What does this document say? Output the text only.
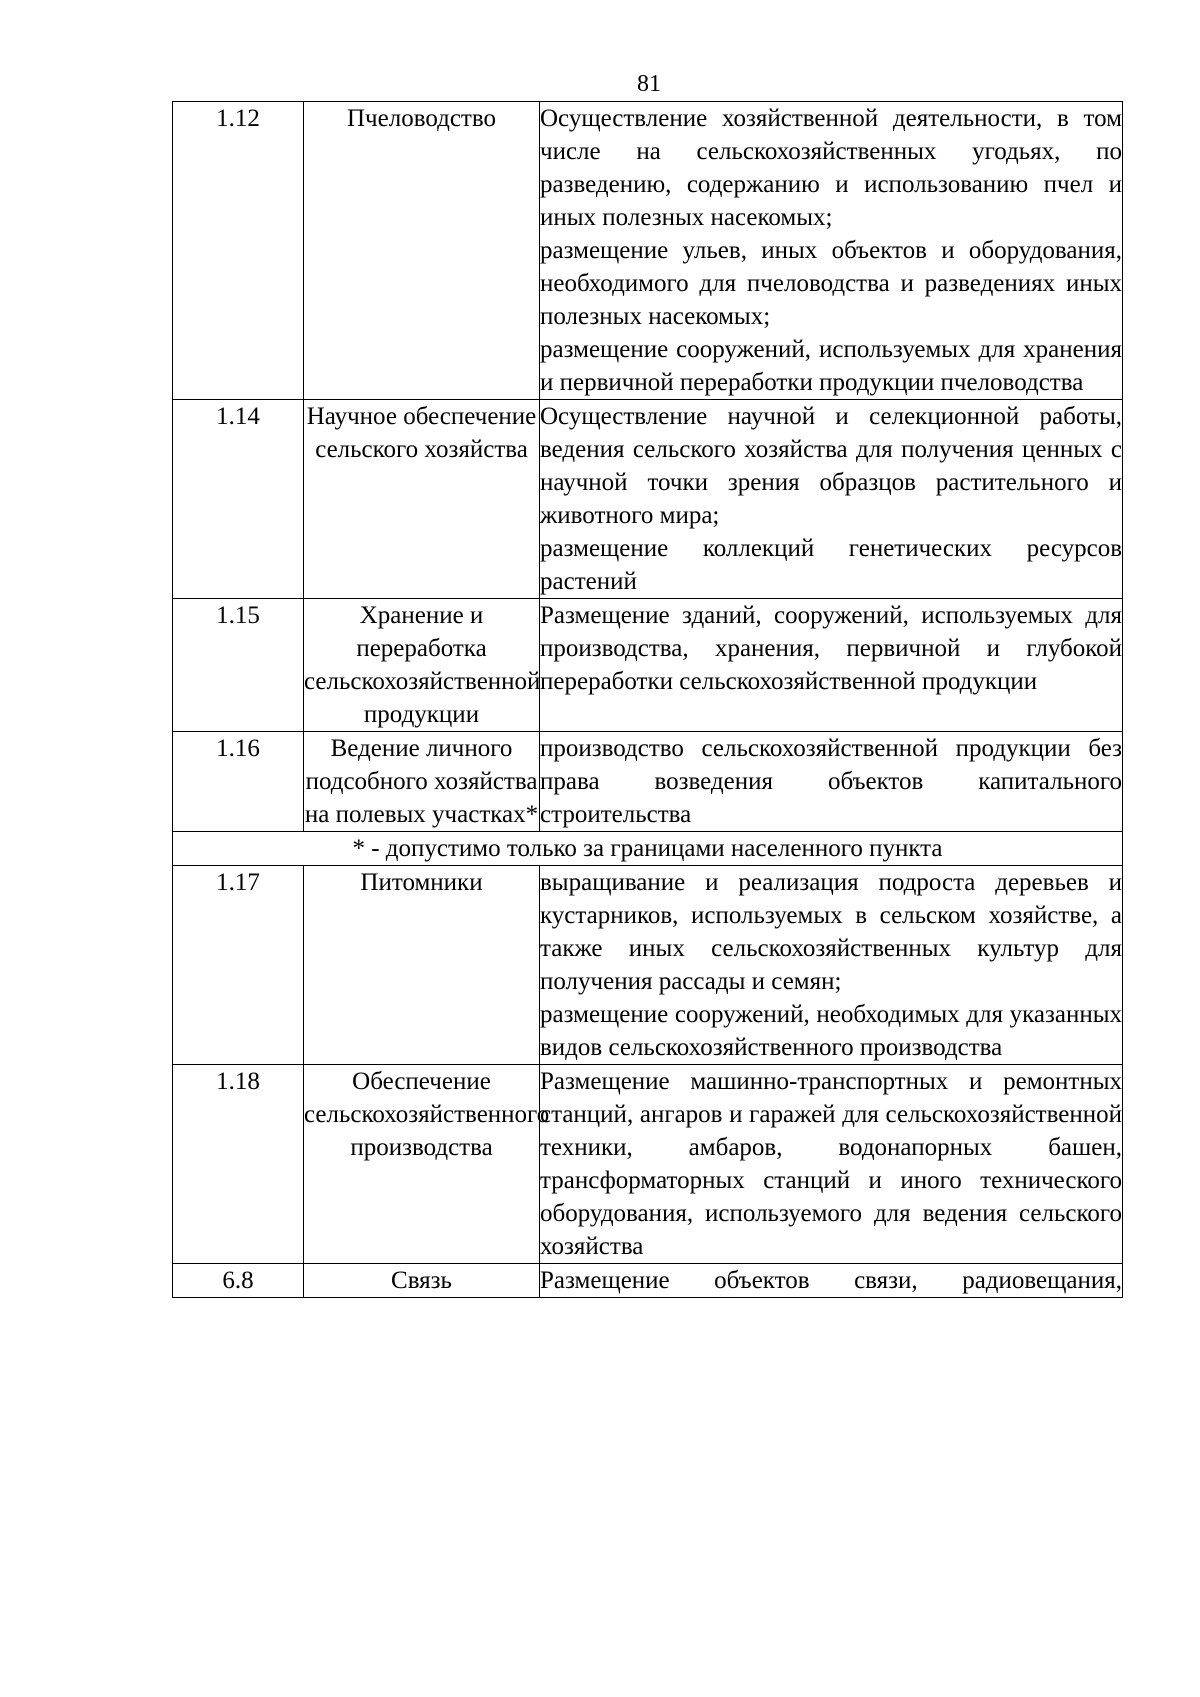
81
1.12	Пчеловодство	Осуществление хозяйственной деятельности, в том числе на сельскохозяйственных угодьях, по разведению, содержанию и использованию пчел и иных полезных насекомых;
размещение ульев, иных объектов и оборудования, необходимого для пчеловодства и разведениях иных полезных насекомых;
размещение сооружений, используемых для хранения и первичной переработки продукции пчеловодства

1.14	Научное обеспечение сельского хозяйства	Осуществление научной и селекционной работы, ведения сельского хозяйства для получения ценных с научной точки зрения образцов растительного и животного мира;
размещение коллекций генетических ресурсов растений

1.15	Хранение и переработка сельскохозяйственной продукции	Размещение зданий, сооружений, используемых для производства, хранения, первичной и глубокой переработки сельскохозяйственной продукции

1.16	Ведение личного подсобного хозяйства на полевых участках*	производство сельскохозяйственной продукции без права возведения объектов капитального строительства

* - допустимо только за границами населенного пункта		
1.17	Питомники	выращивание и реализация подроста деревьев и кустарников, используемых в сельском хозяйстве, а также иных сельскохозяйственных культур для получения рассады и семян;
размещение сооружений, необходимых для указанных видов сельскохозяйственного производства

1.18	Обеспечение сельскохозяйственного производства	Размещение машинно-транспортных и ремонтных станций, ангаров и гаражей для сельскохозяйственной техники, амбаров, водонапорных башен, трансформаторных станций и иного технического оборудования, используемого для ведения сельского хозяйства

6.8	Связь	Размещение объектов связи, радиовещания,
